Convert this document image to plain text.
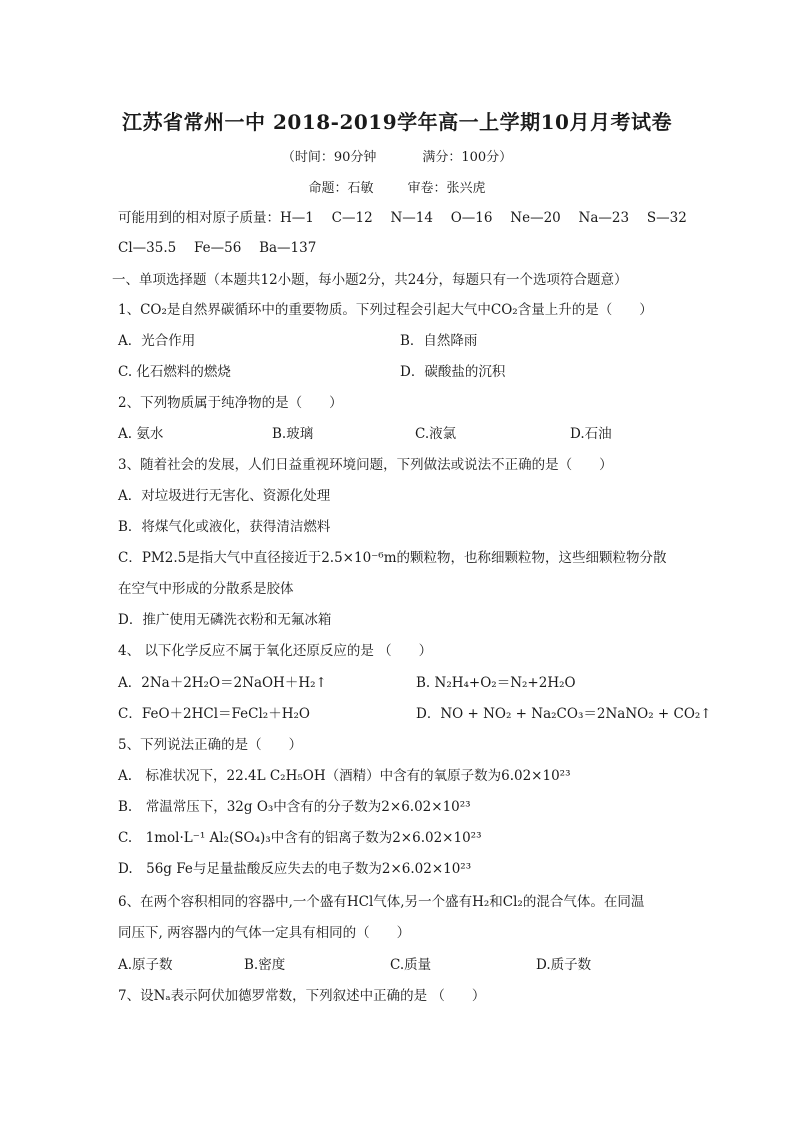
江苏省常州一中 2018-2019学年高一上学期10月月考试卷
（时间：90分钟	满分：100分）
命题：石敏	审卷：张兴虎
可能用到的相对原子质量：H—1　 C—12　 N—14　 O—16　 Ne—20　 Na—23　 S—32
Cl—35.5　 Fe—56　 Ba—137
一、单项选择题（本题共12小题，每小题2分，共24分，每题只有一个选项符合题意）
1、CO₂是自然界碳循环中的重要物质。下列过程会引起大气中CO₂含量上升的是（　　）
A．光合作用	B．自然降雨
C. 化石燃料的燃烧	D．碳酸盐的沉积
2、下列物质属于纯净物的是（　　）
A. 氨水	B.玻璃	C.液氯	D.石油
3、随着社会的发展，人们日益重视环境问题，下列做法或说法不正确的是（　　）
A．对垃圾进行无害化、资源化处理
B．将煤气化或液化，获得清洁燃料
C．PM2.5是指大气中直径接近于2.5×10⁻⁶m的颗粒物，也称细颗粒物，这些细颗粒物分散
在空气中形成的分散系是胶体
D．推广使用无磷洗衣粉和无氟冰箱
4、 以下化学反应不属于氧化还原反应的是 （　　）
A．2Na＋2H₂O＝2NaOH＋H₂↑	B. N₂H₄+O₂＝N₂+2H₂O
C．FeO＋2HCl＝FeCl₂＋H₂O	D．NO + NO₂ + Na₂CO₃＝2NaNO₂ + CO₂↑
5、下列说法正确的是（　　）
A.　标准状况下，22.4L C₂H₅OH（酒精）中含有的氧原子数为6.02×10²³
B.　常温常压下，32g O₃中含有的分子数为2×6.02×10²³
C.　1mol·L⁻¹ Al₂(SO₄)₃中含有的铝离子数为2×6.02×10²³
D.　56g Fe与足量盐酸反应失去的电子数为2×6.02×10²³
6、在两个容积相同的容器中,一个盛有HCl气体,另一个盛有H₂和Cl₂的混合气体。在同温
同压下, 两容器内的气体一定具有相同的（　　）
A.原子数	B.密度	C.质量	D.质子数
7、设Nₐ表示阿伏加德罗常数，下列叙述中正确的是 （　　）
